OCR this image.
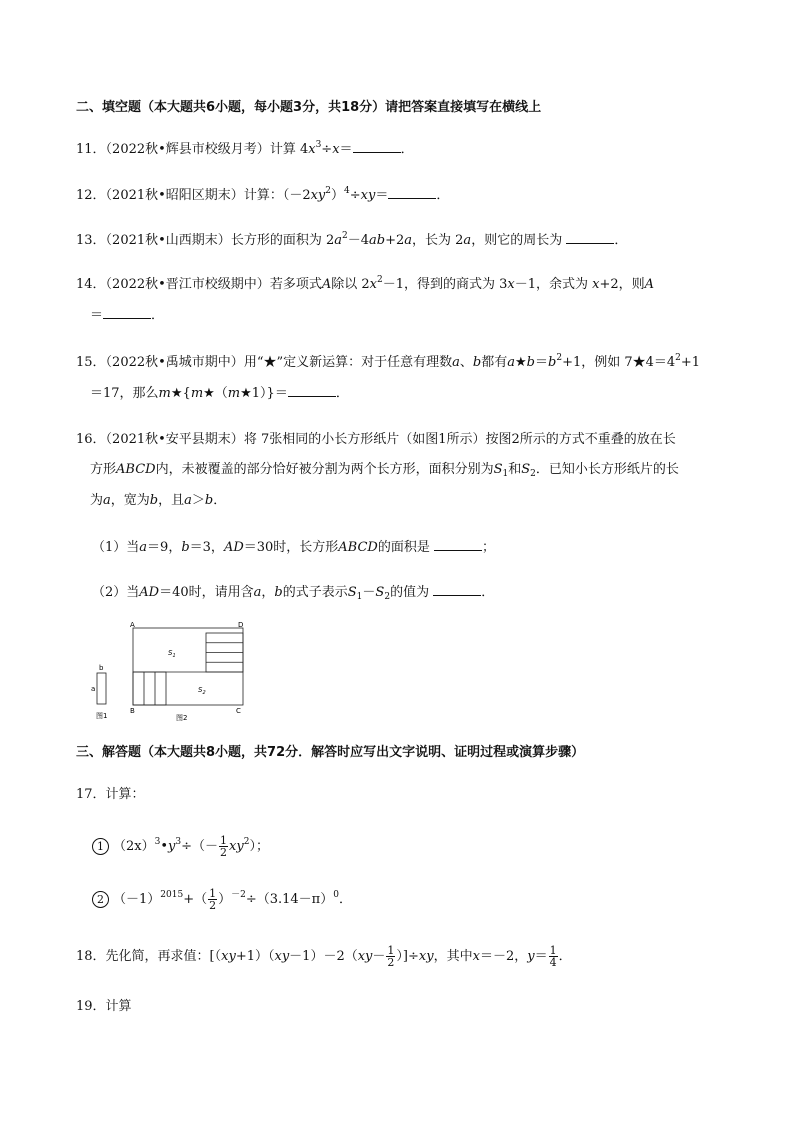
二、填空题（本大题共6小题，每小题3分，共18分）请把答案直接填写在横线上
11．（2022秋•辉县市校级月考）计算 $4x^3\div x=$	．
12．（2021秋•昭阳区期末）计算：$(-2xy^2)^4\div xy=$	．
13．（2021秋•山西期末）长方形的面积为 $2a^2-4ab+2a$，长为 2a，则它的周长为	．
14．（2022秋•晋江市校级期中）若多项式A除以 $2x^2-1$，得到的商式为 3x－1，余式为 x+2，则A
＝	．
15．（2022秋•禹城市期中）用“★”定义新运算：对于任意有理数a、b都有$a★b=b^2+1$，例如 $7★4=4^2+1$
＝17，那么m★{m★（m★1）}＝	．
16．（2021秋•安平县期末）将 7张相同的小长方形纸片（如图1所示）按图2所示的方式不重叠的放在长
方形ABCD内，未被覆盖的部分恰好被分割为两个长方形，面积分别为$S_1$和$S_2$．已知小长方形纸片的长
为a，宽为b，且a＞b．
（1）当a＝9，b＝3，AD＝30时，长方形ABCD的面积是	；
（2）当AD＝40时，请用含a，b的式子表示$S_1-S_2$的值为	．
b
a
图1
A
B	C
D
$S_1$
$S_2$
图2
三、解答题（本大题共8小题，共72分．解答时应写出文字说明、证明过程或演算步骤）
17．计算：
1 $(2x)^3•y^3\div(- \frac{1}{2} xy^2)$；
2 $(-1)^{2015}+( \frac{1}{2} )^{-2}\div(3.14-\pi)^0$．
18．先化简，再求值：$[(xy+1)(xy-1)-2(xy- \frac{1}{2} )]\div xy$，其中x＝－2，$y= \frac{1}{4}$ ．
19．计算
